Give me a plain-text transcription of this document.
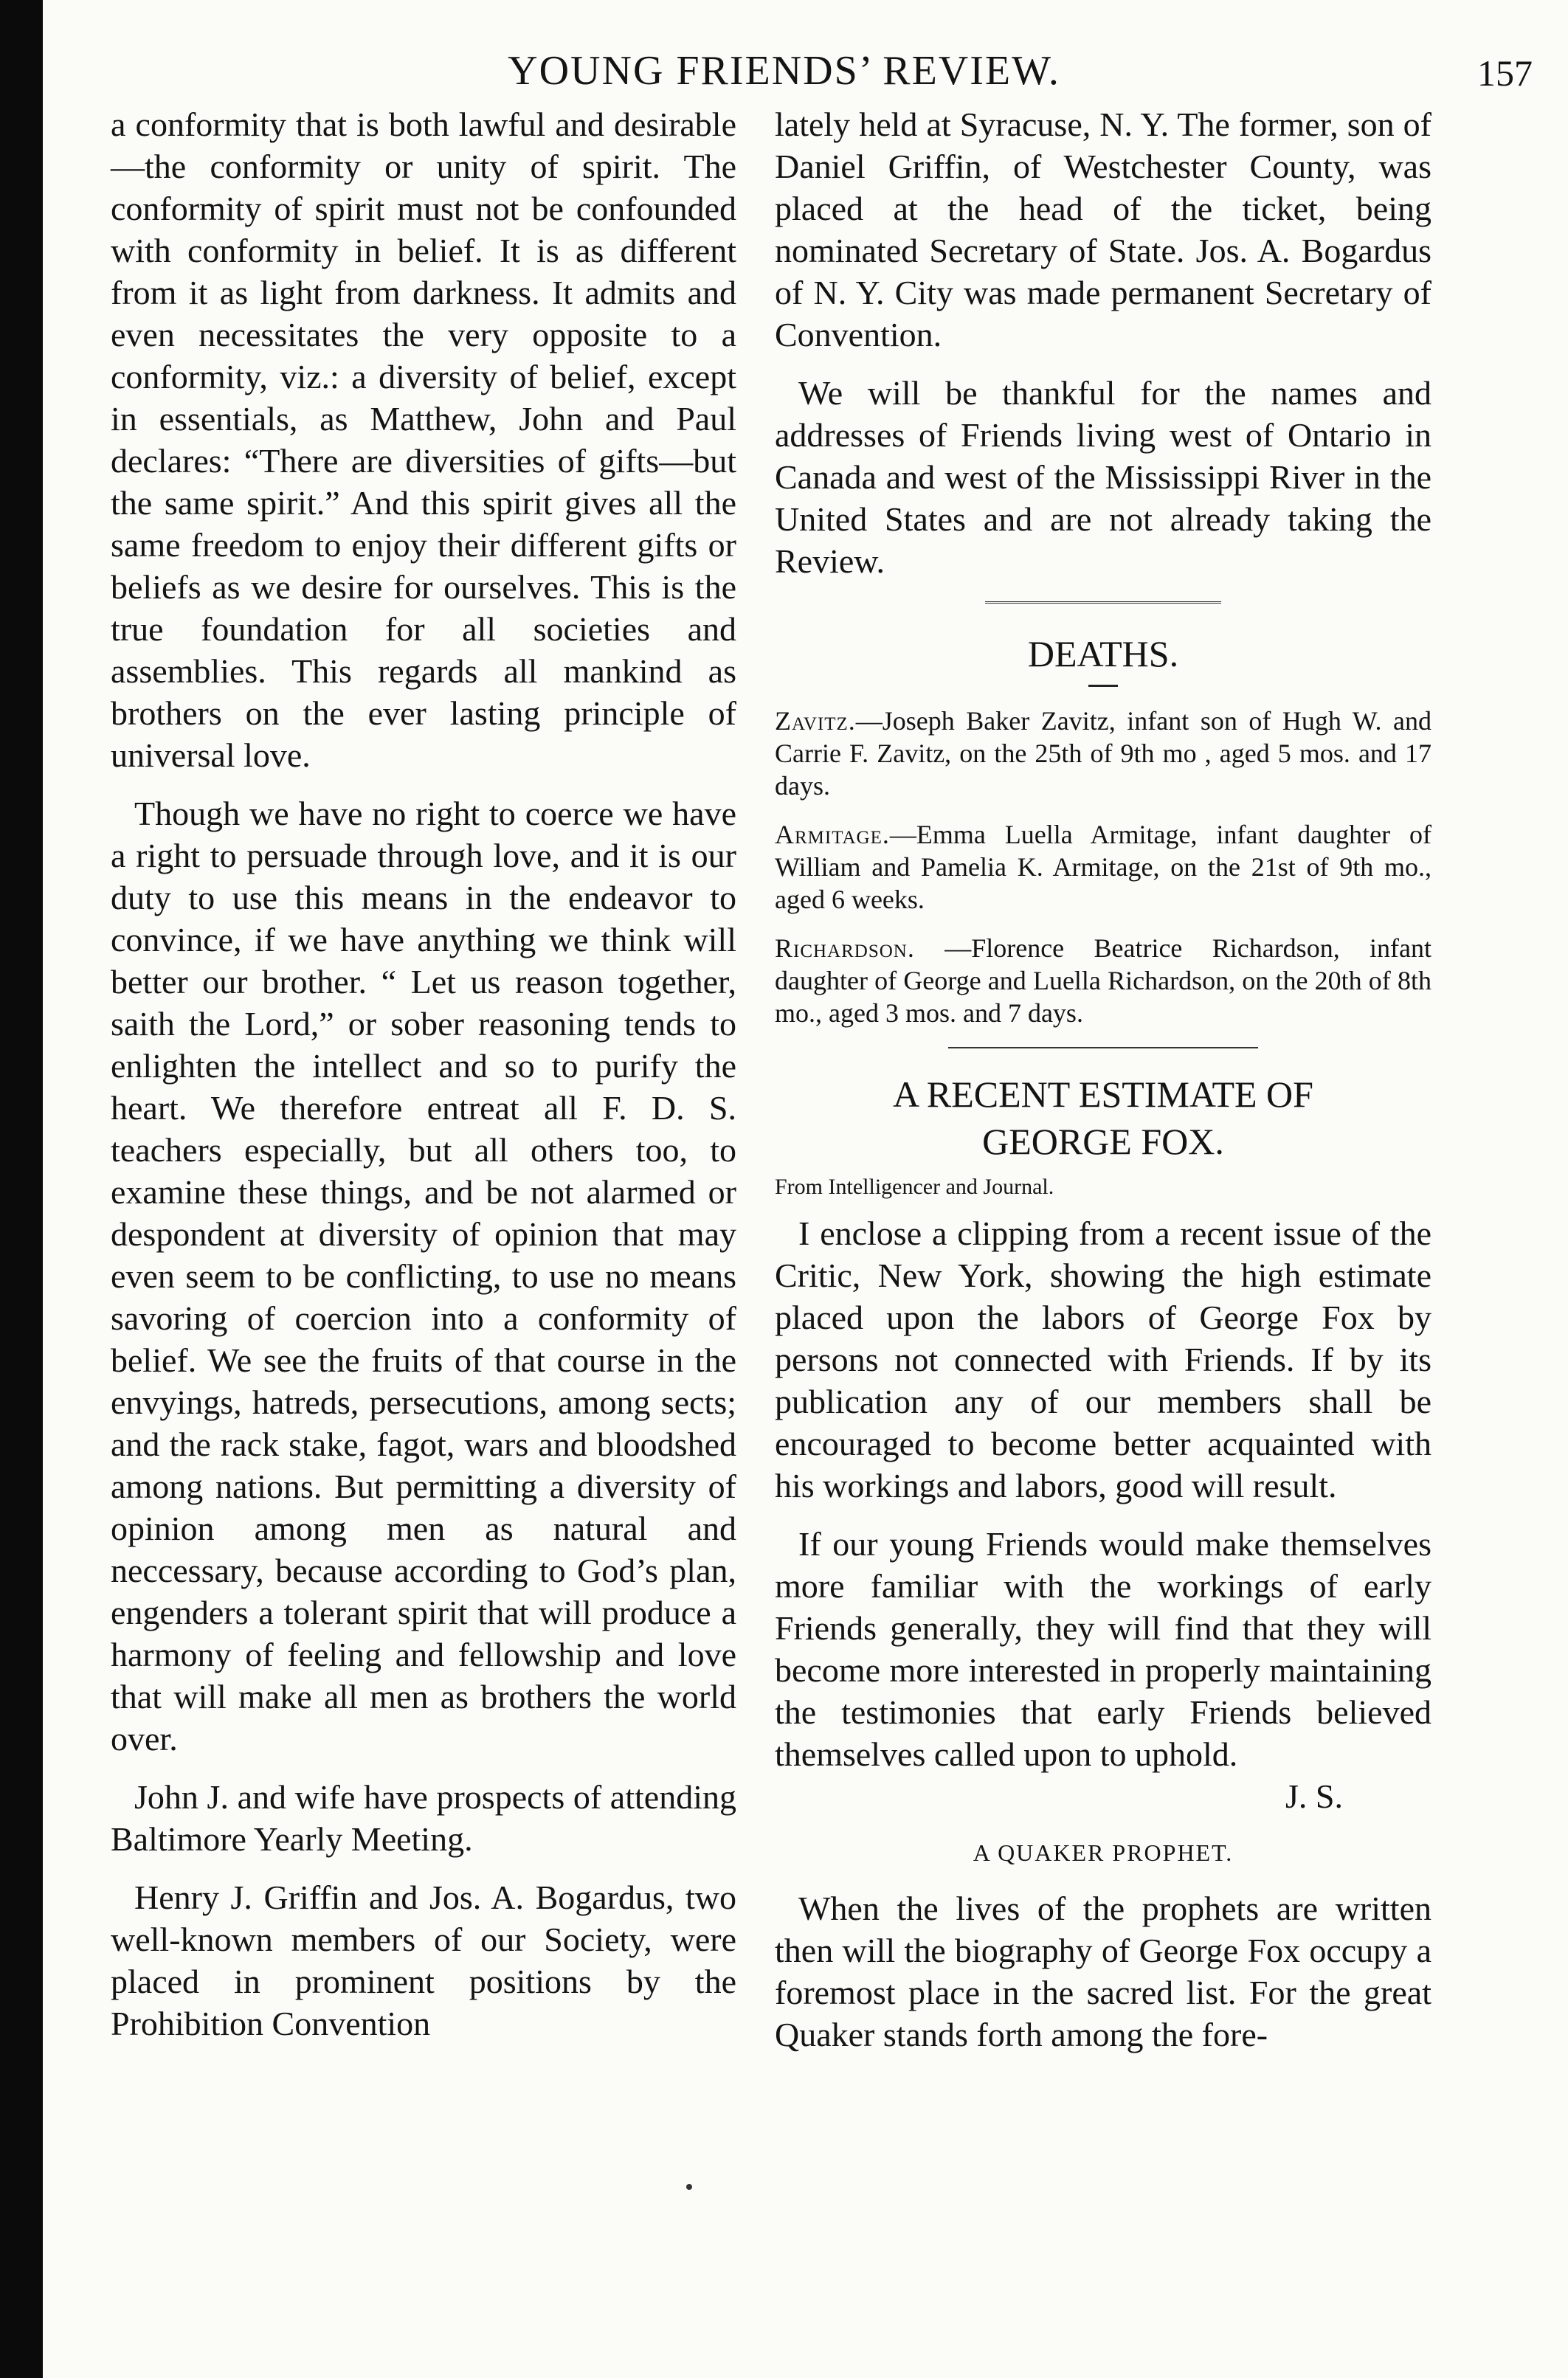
YOUNG FRIENDS’ REVIEW.	157

a conformity that is both lawful and desirable—the conformity or unity of spirit. The conformity of spirit must not be confounded with conformity in belief. It is as different from it as light from darkness. It admits and even necessitates the very opposite to a conformity, viz.: a diversity of belief, except in essentials, as Matthew, John and Paul declares: “There are diversities of gifts—but the same spirit.” And this spirit gives all the same freedom to enjoy their different gifts or beliefs as we desire for ourselves. This is the true foundation for all societies and assemblies. This regards all mankind as brothers on the ever lasting principle of universal love.

Though we have no right to coerce we have a right to persuade through love, and it is our duty to use this means in the endeavor to convince, if we have anything we think will better our brother. “ Let us reason together, saith the Lord,” or sober reasoning tends to enlighten the intellect and so to purify the heart. We therefore entreat all F. D. S. teachers especially, but all others too, to examine these things, and be not alarmed or despondent at diversity of opinion that may even seem to be conflicting, to use no means savoring of coercion into a conformity of belief. We see the fruits of that course in the envyings, hatreds, persecutions, among sects; and the rack stake, fagot, wars and bloodshed among nations. But permitting a diversity of opinion among men as natural and neccessary, because according to God’s plan, engenders a tolerant spirit that will produce a harmony of feeling and fellowship and love that will make all men as brothers the world over.

John J. and wife have prospects of attending Baltimore Yearly Meeting.

Henry J. Griffin and Jos. A. Bogardus, two well-known members of our Society, were placed in prominent positions by the Prohibition Convention

lately held at Syracuse, N. Y. The former, son of Daniel Griffin, of Westchester County, was placed at the head of the ticket, being nominated Secretary of State. Jos. A. Bogardus of N. Y. City was made permanent Secretary of Convention.

We will be thankful for the names and addresses of Friends living west of Ontario in Canada and west of the Mississippi River in the United States and are not already taking the Review.

DEATHS.

Zavitz.—Joseph Baker Zavitz, infant son of Hugh W. and Carrie F. Zavitz, on the 25th of 9th mo , aged 5 mos. and 17 days.

Armitage.—Emma Luella Armitage, infant daughter of William and Pamelia K. Armitage, on the 21st of 9th mo., aged 6 weeks.

Richardson. —Florence Beatrice Richardson, infant daughter of George and Luella Richardson, on the 20th of 8th mo., aged 3 mos. and 7 days.

A RECENT ESTIMATE OF
GEORGE FOX.
From Intelligencer and Journal.

I enclose a clipping from a recent issue of the Critic, New York, showing the high estimate placed upon the labors of George Fox by persons not connected with Friends. If by its publication any of our members shall be encouraged to become better acquainted with his workings and labors, good will result.

If our young Friends would make themselves more familiar with the workings of early Friends generally, they will find that they will become more interested in properly maintaining the testimonies that early Friends believed themselves called upon to uphold.

J. S.
A QUAKER PROPHET.

When the lives of the prophets are written then will the biography of George Fox occupy a foremost place in the sacred list. For the great Quaker stands forth among the fore-
